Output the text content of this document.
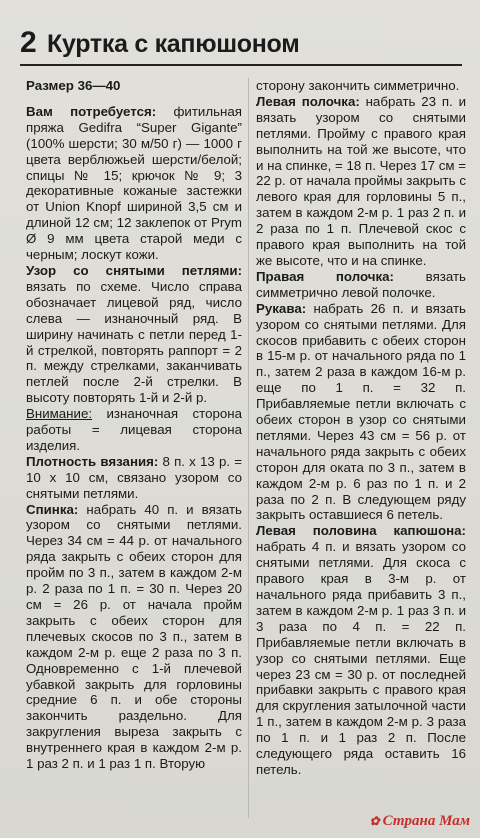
2 Куртка с капюшоном

Размер 36—40

Вам потребуется: фитильная пряжа Gedifra “Super Gigante” (100% шерсти; 30 м/50 г) — 1000 г цвета верблюжьей шерсти/белой; спицы № 15; крючок № 9; 3 декоративные кожаные застежки от Union Knopf шириной 3,5 см и длиной 12 см; 12 заклепок от Prym Ø 9 мм цвета старой меди с черным; лоскут кожи.

Узор со снятыми петлями: вязать по схеме. Число справа обозначает лицевой ряд, число слева — изнаночный ряд. В ширину начинать с петли перед 1-й стрелкой, повторять раппорт = 2 п. между стрелками, заканчивать петлей после 2-й стрелки. В высоту повторять 1-й и 2-й р.

Внимание: изнаночная сторона работы = лицевая сторона изделия.

Плотность вязания: 8 п. х 13 р. = 10 х 10 см, связано узором со снятыми петлями.

Спинка: набрать 40 п. и вязать узором со снятыми петлями. Через 34 см = 44 р. от начального ряда закрыть с обеих сторон для пройм по 3 п., затем в каждом 2-м р. 2 раза по 1 п. = 30 п. Через 20 см = 26 р. от начала пройм закрыть с обеих сторон для плечевых скосов по 3 п., затем в каждом 2-м р. еще 2 раза по 3 п. Одновременно с 1-й плечевой убавкой закрыть для горловины средние 6 п. и обе стороны закончить раздельно. Для закругления выреза закрыть с внутреннего края в каждом 2-м р. 1 раз 2 п. и 1 раз 1 п. Вторую

сторону закончить симметрично.

Левая полочка: набрать 23 п. и вязать узором со снятыми петлями. Пройму с правого края выполнить на той же высоте, что и на спинке, = 18 п. Через 17 см = 22 р. от начала проймы закрыть с левого края для горловины 5 п., затем в каждом 2-м р. 1 раз 2 п. и 2 раза по 1 п. Плечевой скос с правого края выполнить на той же высоте, что и на спинке.

Правая полочка: вязать симметрично левой полочке.

Рукава: набрать 26 п. и вязать узором со снятыми петлями. Для скосов прибавить с обеих сторон в 15-м р. от начального ряда по 1 п., затем 2 раза в каждом 16-м р. еще по 1 п. = 32 п. Прибавляемые петли включать с обеих сторон в узор со снятыми петлями. Через 43 см = 56 р. от начального ряда закрыть с обеих сторон для оката по 3 п., затем в каждом 2-м р. 6 раз по 1 п. и 2 раза по 2 п. В следующем ряду закрыть оставшиеся 6 петель.

Левая половина капюшона: набрать 4 п. и вязать узором со снятыми петлями. Для скоса с правого края в 3-м р. от начального ряда прибавить 3 п., затем в каждом 2-м р. 1 раз 3 п. и 3 раза по 4 п. = 22 п. Прибавляемые петли включать в узор со снятыми петлями. Еще через 23 см = 30 р. от последней прибавки закрыть с правого края для скругления затылочной части 1 п., затем в каждом 2-м р. 3 раза по 1 п. и 1 раз 2 п. После следующего ряда оставить 16 петель.

✿ Страна Мам
